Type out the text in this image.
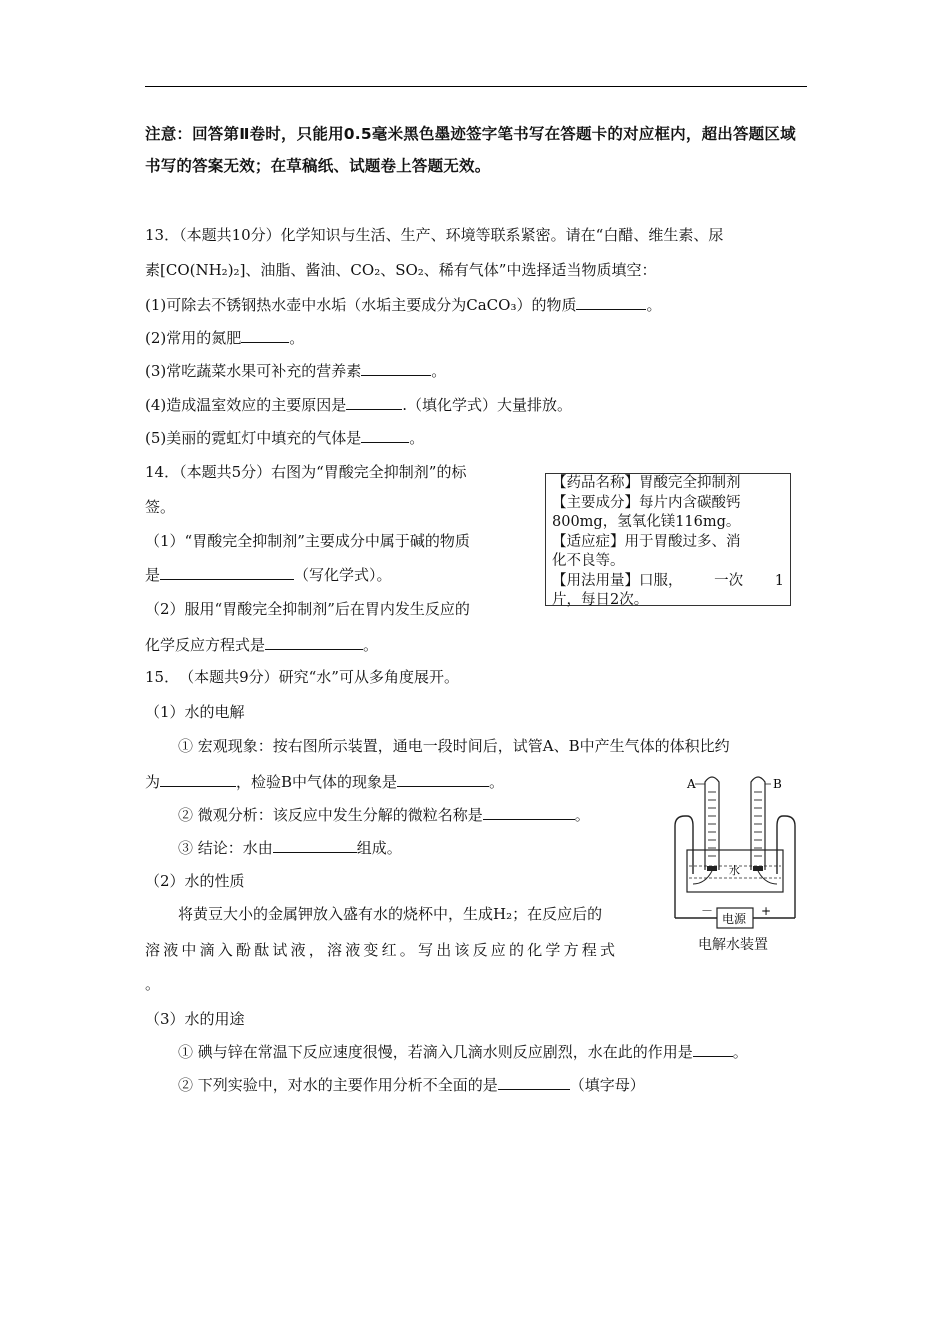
注意：回答第Ⅱ卷时，只能用0.5毫米黑色墨迹签字笔书写在答题卡的对应框内，超出答题区域书写的答案无效；在草稿纸、试题卷上答题无效。
13．（本题共10分）化学知识与生活、生产、环境等联系紧密。请在“白醋、维生素、尿
素[CO(NH₂)₂]、油脂、酱油、CO₂、SO₂、稀有气体”中选择适当物质填空：
(1)可除去不锈钢热水壶中水垢（水垢主要成分为CaCO₃）的物质	。
(2)常用的氮肥	。
(3)常吃蔬菜水果可补充的营养素	。
(4)造成温室效应的主要原因是	.（填化学式）大量排放。
(5)美丽的霓虹灯中填充的气体是	。
14．（本题共5分）右图为“胃酸完全抑制剂”的标
签。
（1）“胃酸完全抑制剂”主要成分中属于碱的物质
是	（写化学式）。
（2）服用“胃酸完全抑制剂”后在胃内发生反应的
化学反应方程式是	。
【药品名称】胃酸完全抑制剂
【主要成分】每片内含碳酸钙
800mg，氢氧化镁116mg。
【适应症】用于胃酸过多、消
化不良等。
【用法用量】口服， 一次 1
片，每日2次。
15．　（本题共9分）研究“水”可从多角度展开。
（1）水的电解
① 宏观现象：按右图所示装置，通电一段时间后，试管A、B中产生气体的体积比约
为	，检验B中气体的现象是	。
② 微观分析：该反应中发生分解的微粒名称是	。
③ 结论：水由	组成。
（2）水的性质
将黄豆大小的金属钾放入盛有水的烧杯中，生成H₂；在反应后的
溶液中滴入酚酞试液，溶液变红。写出该反应的化学方程式
。
（3）水的用途
① 碘与锌在常温下反应速度很慢，若滴入几滴水则反应剧烈，水在此的作用是	。
② 下列实验中，对水的主要作用分析不全面的是	（填字母）
A	B
水
电源
－	+
电解水装置
